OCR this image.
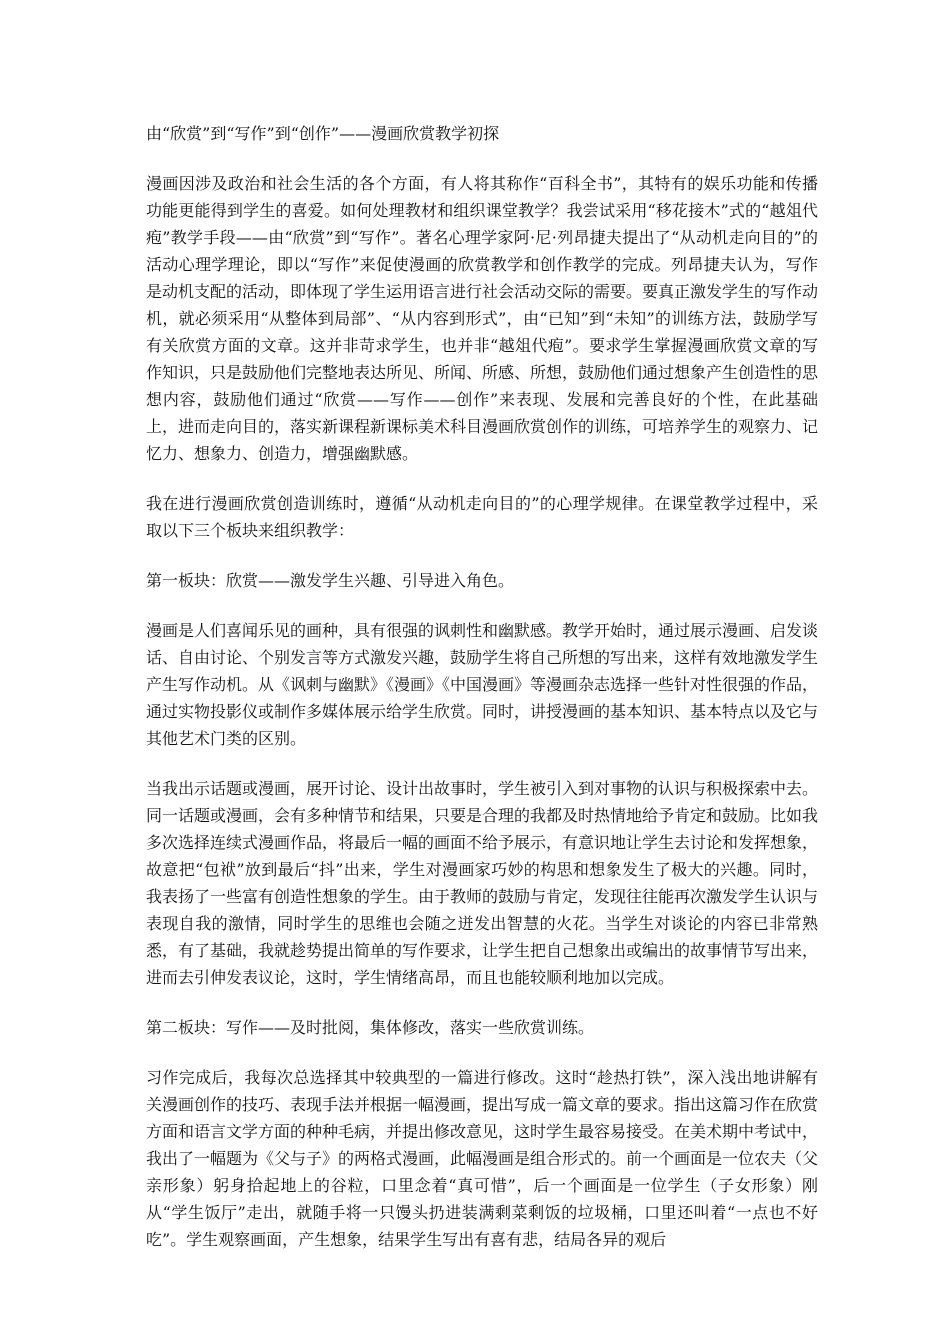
由“欣赏”到“写作”到“创作”——漫画欣赏教学初探

漫画因涉及政治和社会生活的各个方面，有人将其称作“百科全书”，其特有的娱乐功能和传播功能更能得到学生的喜爱。如何处理教材和组织课堂教学？我尝试采用“移花接木”式的“越俎代疱”教学手段——由“欣赏”到“写作”。著名心理学家阿·尼·列昂捷夫提出了“从动机走向目的”的活动心理学理论，即以“写作”来促使漫画的欣赏教学和创作教学的完成。列昂捷夫认为，写作是动机支配的活动，即体现了学生运用语言进行社会活动交际的需要。要真正激发学生的写作动机，就必须采用“从整体到局部”、“从内容到形式”，由“已知”到“未知”的训练方法，鼓励学写有关欣赏方面的文章。这并非苛求学生，也并非“越俎代疱”。要求学生掌握漫画欣赏文章的写作知识，只是鼓励他们完整地表达所见、所闻、所感、所想，鼓励他们通过想象产生创造性的思想内容，鼓励他们通过“欣赏——写作——创作”来表现、发展和完善良好的个性，在此基础上，进而走向目的，落实新课程新课标美术科目漫画欣赏创作的训练，可培养学生的观察力、记忆力、想象力、创造力，增强幽默感。

我在进行漫画欣赏创造训练时，遵循“从动机走向目的”的心理学规律。在课堂教学过程中，采取以下三个板块来组织教学：

第一板块：欣赏——激发学生兴趣、引导进入角色。

漫画是人们喜闻乐见的画种，具有很强的讽刺性和幽默感。教学开始时，通过展示漫画、启发谈话、自由讨论、个别发言等方式激发兴趣，鼓励学生将自己所想的写出来，这样有效地激发学生产生写作动机。从《讽刺与幽默》《漫画》《中国漫画》等漫画杂志选择一些针对性很强的作品，通过实物投影仪或制作多媒体展示给学生欣赏。同时，讲授漫画的基本知识、基本特点以及它与其他艺术门类的区别。

当我出示话题或漫画，展开讨论、设计出故事时，学生被引入到对事物的认识与积极探索中去。同一话题或漫画，会有多种情节和结果，只要是合理的我都及时热情地给予肯定和鼓励。比如我多次选择连续式漫画作品，将最后一幅的画面不给予展示，有意识地让学生去讨论和发挥想象，故意把“包袱”放到最后“抖”出来，学生对漫画家巧妙的构思和想象发生了极大的兴趣。同时，我表扬了一些富有创造性想象的学生。由于教师的鼓励与肯定，发现往往能再次激发学生认识与表现自我的激情，同时学生的思维也会随之迸发出智慧的火花。当学生对谈论的内容已非常熟悉，有了基础，我就趁势提出简单的写作要求，让学生把自己想象出或编出的故事情节写出来，进而去引伸发表议论，这时，学生情绪高昂，而且也能较顺利地加以完成。

第二板块：写作——及时批阅，集体修改，落实一些欣赏训练。

习作完成后，我每次总选择其中较典型的一篇进行修改。这时“趁热打铁”，深入浅出地讲解有关漫画创作的技巧、表现手法并根据一幅漫画，提出写成一篇文章的要求。指出这篇习作在欣赏方面和语言文学方面的种种毛病，并提出修改意见，这时学生最容易接受。在美术期中考试中，我出了一幅题为《父与子》的两格式漫画，此幅漫画是组合形式的。前一个画面是一位农夫（父亲形象）躬身拾起地上的谷粒，口里念着“真可惜”，后一个画面是一位学生（子女形象）刚从“学生饭厅”走出，就随手将一只馒头扔进装满剩菜剩饭的垃圾桶，口里还叫着“一点也不好吃”。学生观察画面，产生想象，结果学生写出有喜有悲，结局各异的观后
